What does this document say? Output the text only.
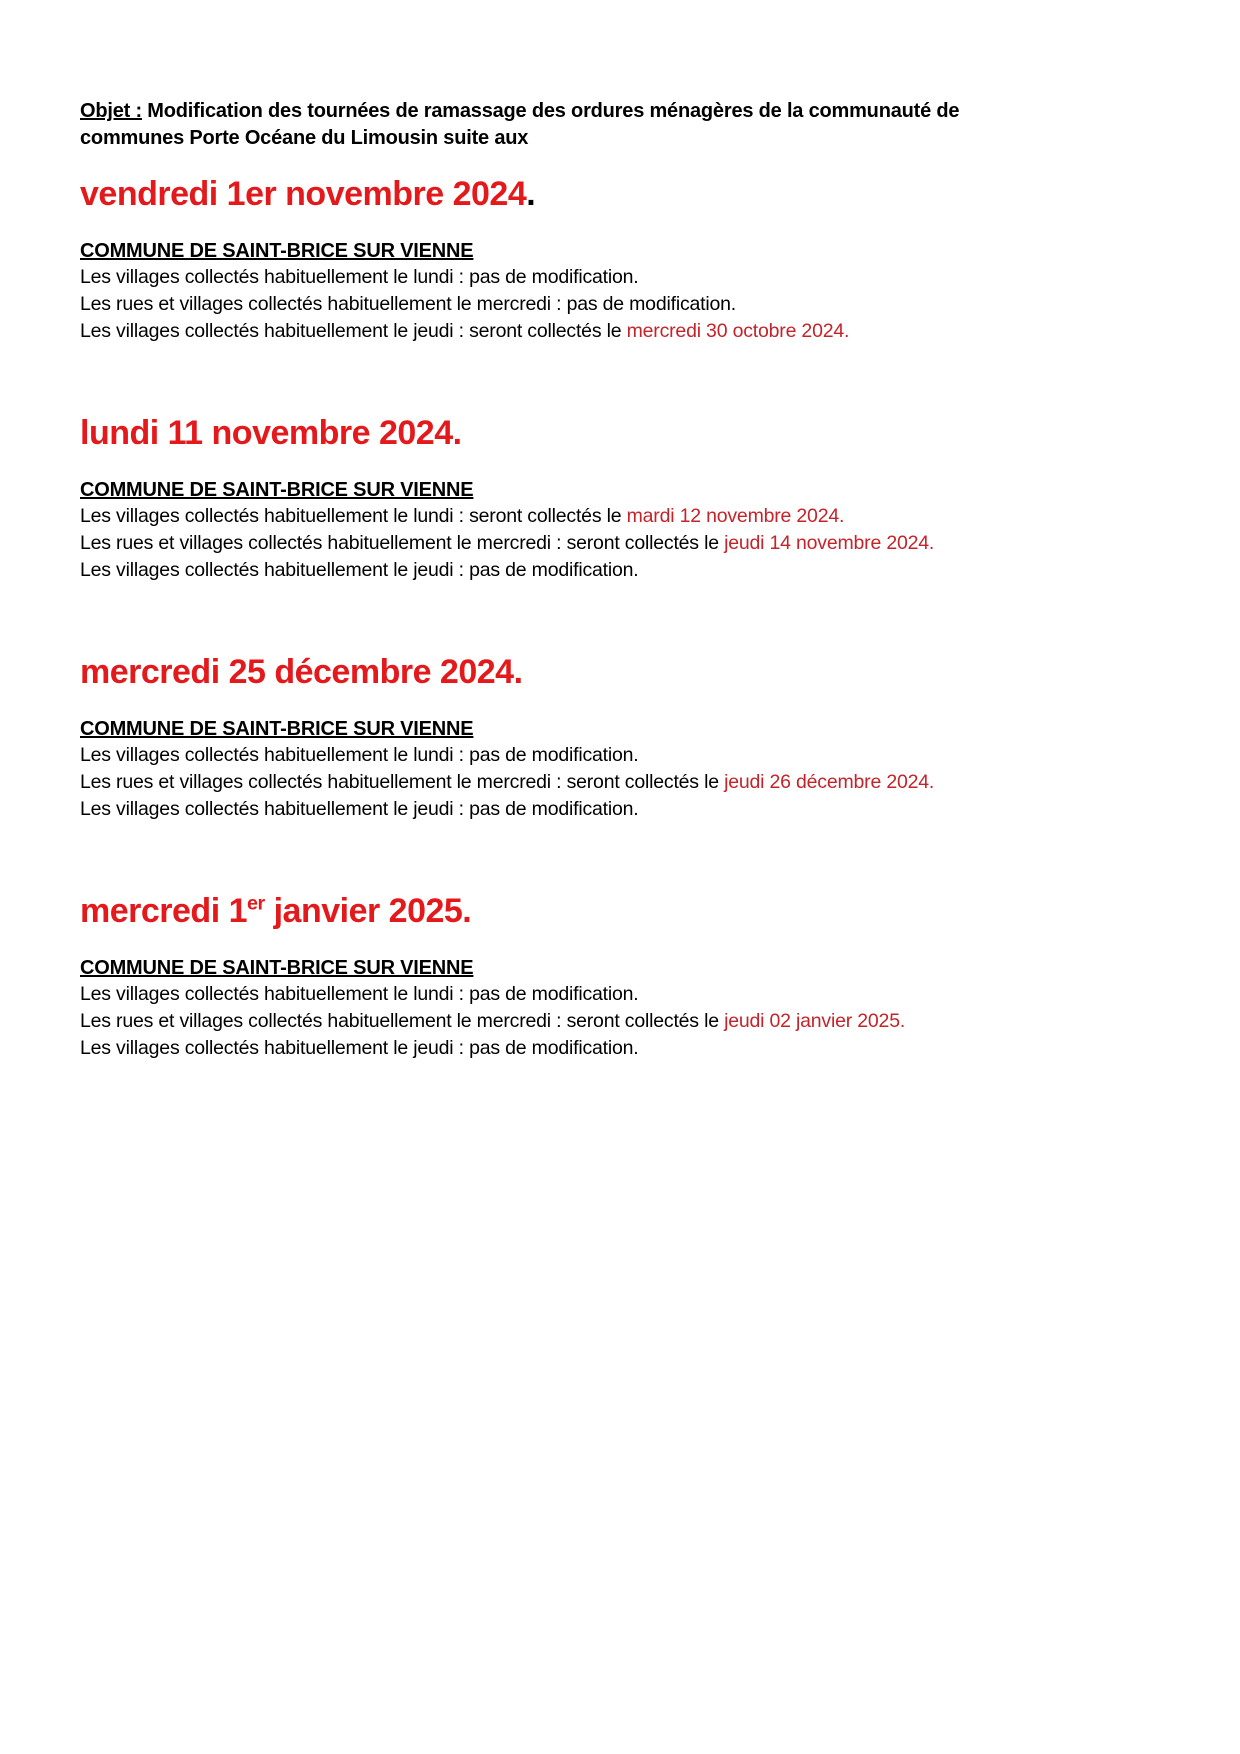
Objet : Modification des tournées de ramassage des ordures ménagères de la communauté de
communes Porte Océane du Limousin suite aux

vendredi 1er novembre 2024.
COMMUNE DE SAINT-BRICE SUR VIENNE
Les villages collectés habituellement le lundi : pas de modification.
Les rues et villages collectés habituellement le mercredi : pas de modification.
Les villages collectés habituellement le jeudi : seront collectés le mercredi 30 octobre 2024.
lundi 11 novembre 2024.
COMMUNE DE SAINT-BRICE SUR VIENNE
Les villages collectés habituellement le lundi : seront collectés le mardi 12 novembre 2024.
Les rues et villages collectés habituellement le mercredi : seront collectés le jeudi 14 novembre 2024.
Les villages collectés habituellement le jeudi : pas de modification.
mercredi 25 décembre 2024.
COMMUNE DE SAINT-BRICE SUR VIENNE
Les villages collectés habituellement le lundi : pas de modification.
Les rues et villages collectés habituellement le mercredi : seront collectés le jeudi 26 décembre 2024.
Les villages collectés habituellement le jeudi : pas de modification.
mercredi 1er janvier 2025.
COMMUNE DE SAINT-BRICE SUR VIENNE
Les villages collectés habituellement le lundi : pas de modification.
Les rues et villages collectés habituellement le mercredi : seront collectés le jeudi 02 janvier 2025.
Les villages collectés habituellement le jeudi : pas de modification.
